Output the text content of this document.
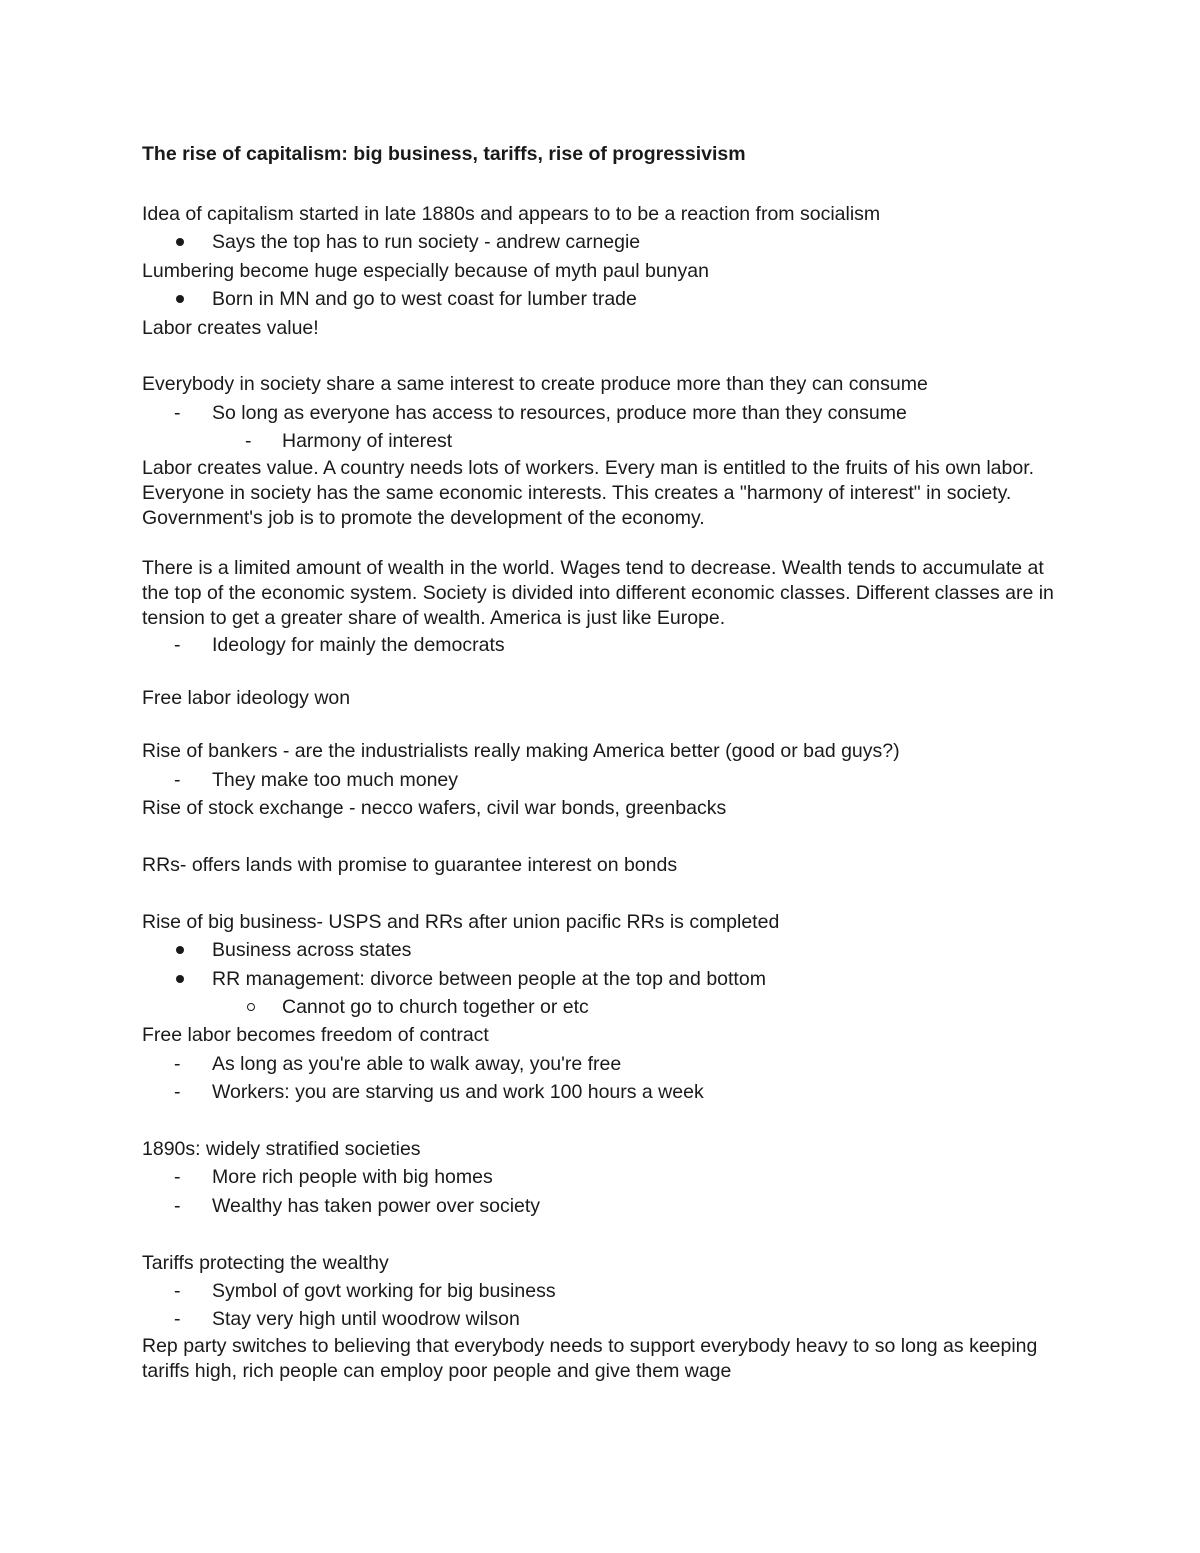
The rise of capitalism: big business, tariffs, rise of progressivism

Idea of capitalism started in late 1880s and appears to to be a reaction from socialism

Says the top has to run society - andrew carnegie

Lumbering become huge especially because of myth paul bunyan

Born in MN and go to west coast for lumber trade

Labor creates value!

Everybody in society share a same interest to create produce more than they can consume

-
So long as everyone has access to resources, produce more than they consume
-
Harmony of interest

Labor creates value. A country needs lots of workers. Every man is entitled to the fruits of his own labor. Everyone in society has the same economic interests. This creates a "harmony of interest" in society. Government's job is to promote the development of the economy.

There is a limited amount of wealth in the world. Wages tend to decrease. Wealth tends to accumulate at the top of the economic system. Society is divided into different economic classes. Different classes are in tension to get a greater share of wealth. America is just like Europe.

-
Ideology for mainly the democrats

Free labor ideology won

Rise of bankers - are the industrialists really making America better (good or bad guys?)

-
They make too much money

Rise of stock exchange - necco wafers, civil war bonds, greenbacks

RRs- offers lands with promise to guarantee interest on bonds

Rise of big business- USPS and RRs after union pacific RRs is completed

Business across states
RR management: divorce between people at the top and bottom
Cannot go to church together or etc

Free labor becomes freedom of contract

-
As long as you're able to walk away, you're free
-
Workers: you are starving us and work 100 hours a week

1890s: widely stratified societies

-
More rich people with big homes
-
Wealthy has taken power over society

Tariffs protecting the wealthy

-
Symbol of govt working for big business
-
Stay very high until woodrow wilson

Rep party switches to believing that everybody needs to support everybody heavy to so long as keeping tariffs high, rich people can employ poor people and give them wage
